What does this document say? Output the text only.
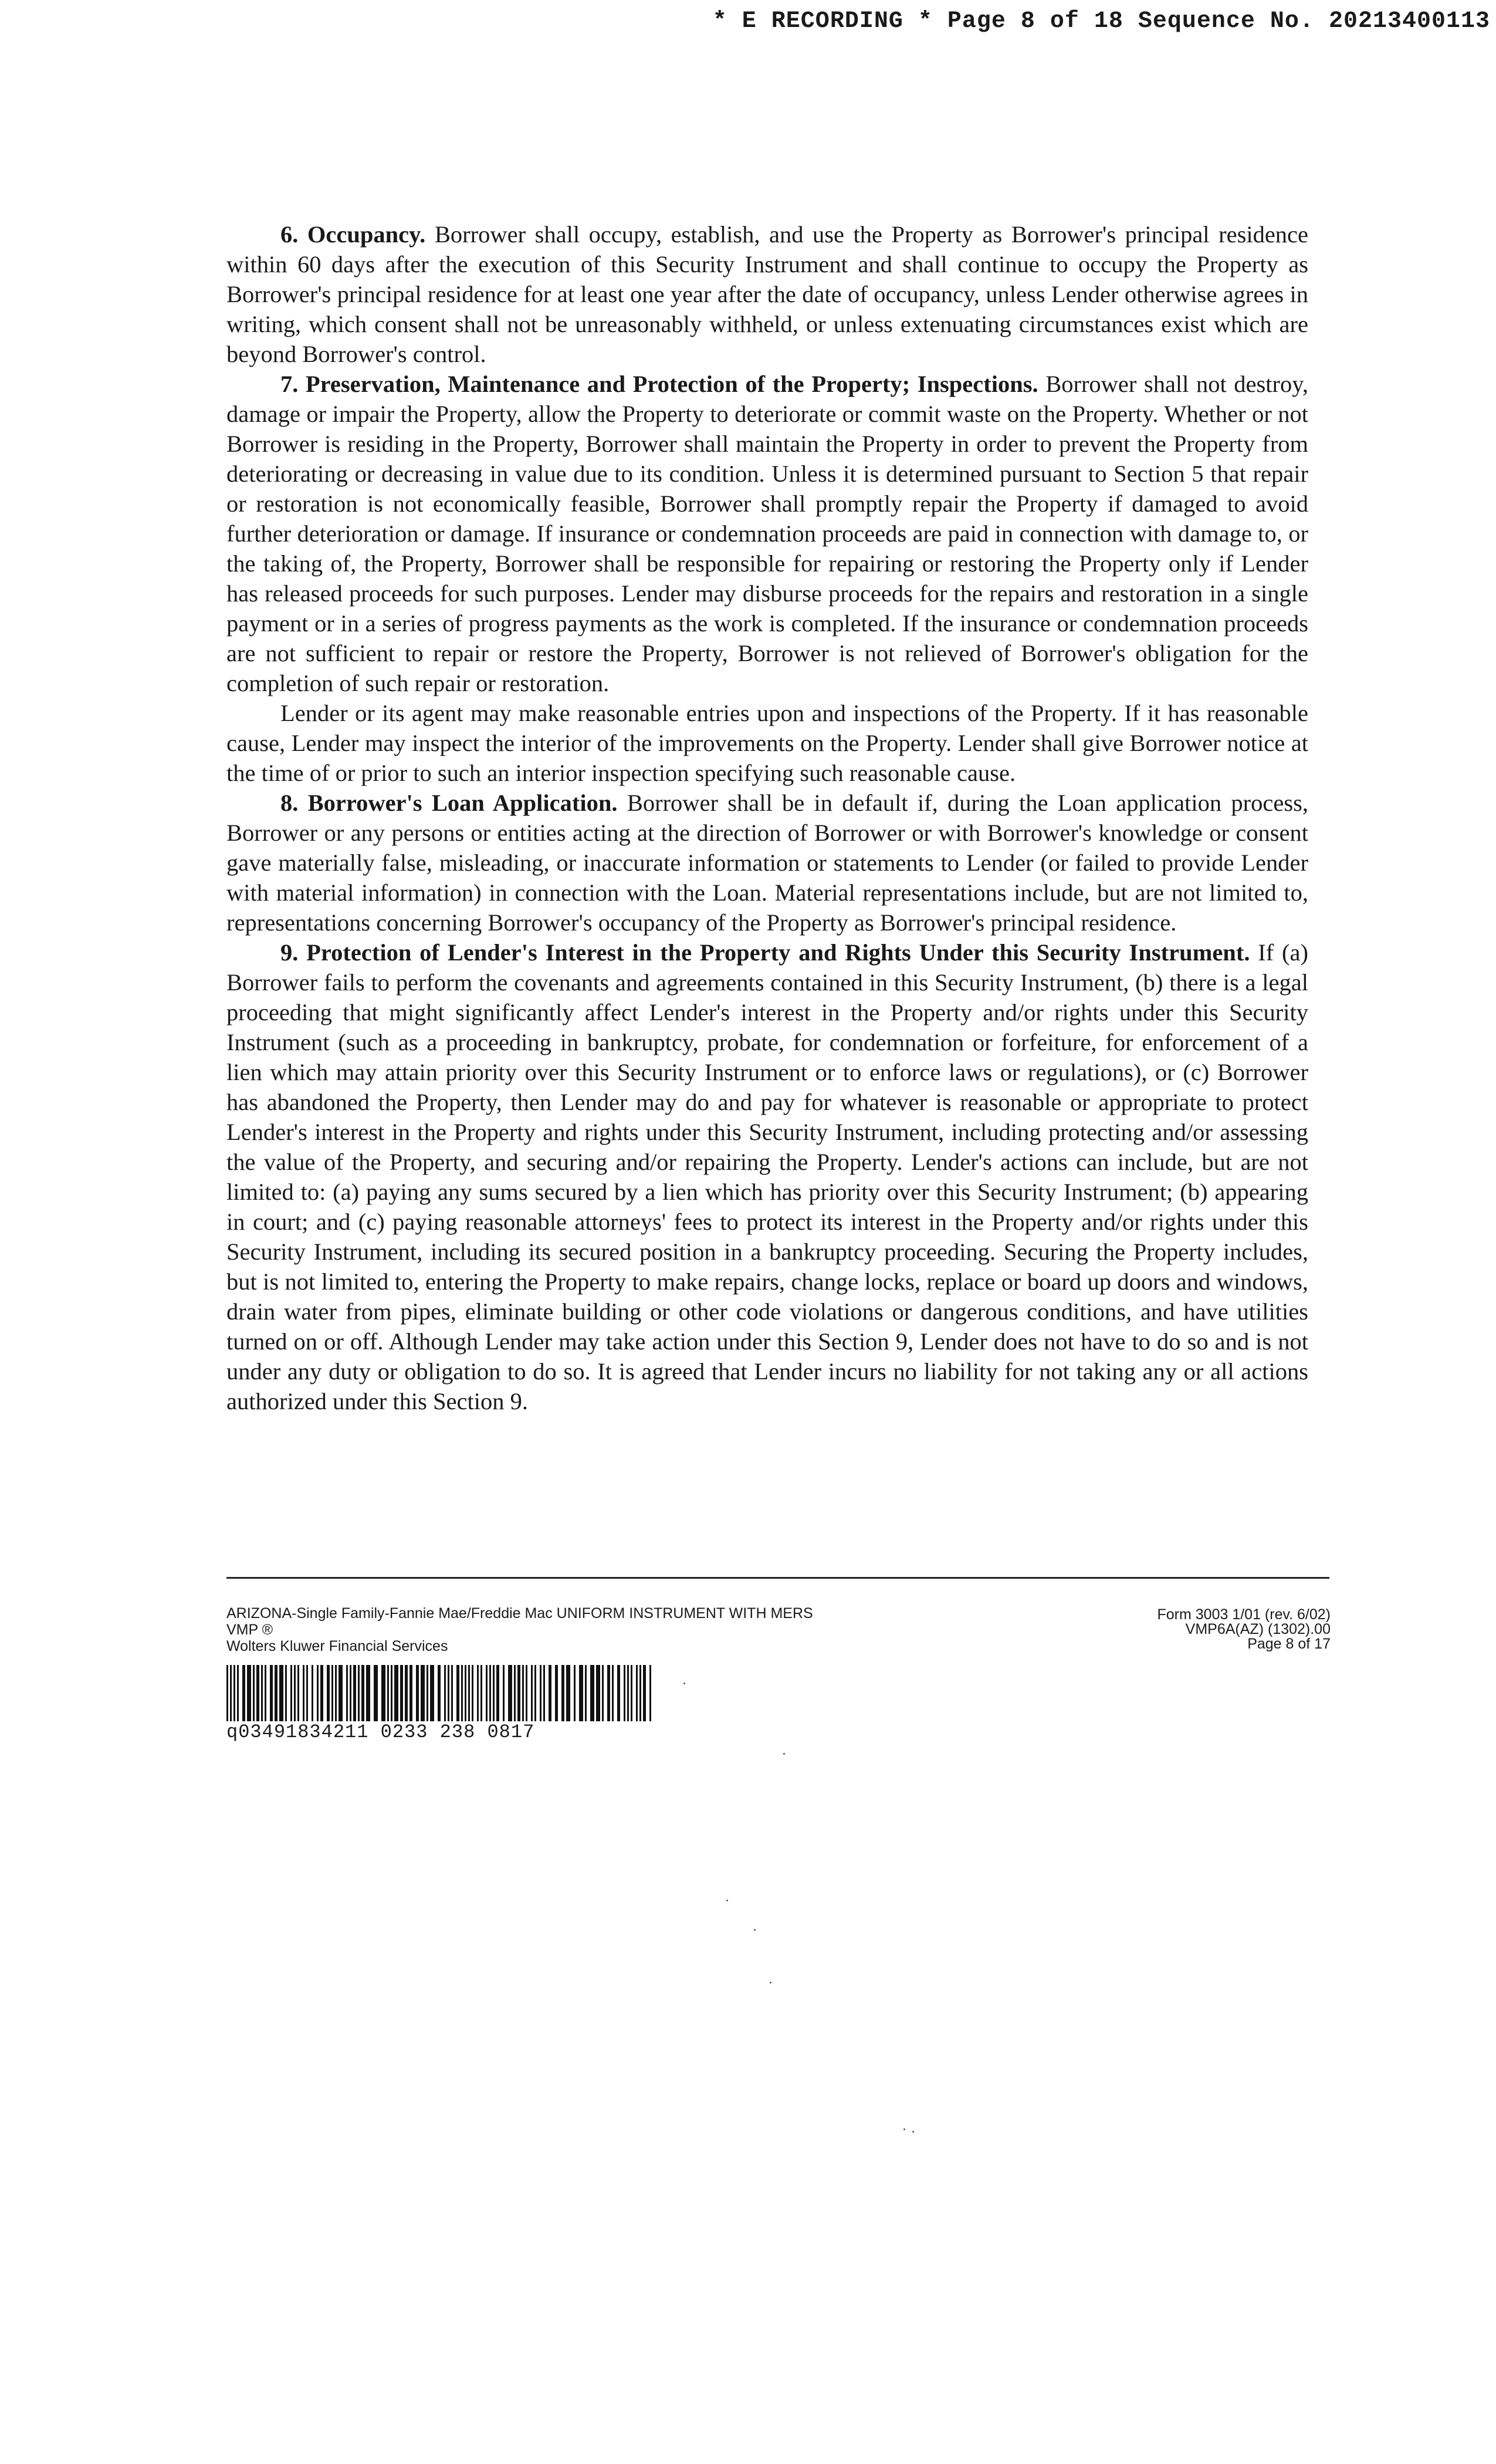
* E RECORDING * Page 8 of 18 Sequence No. 20213400113

6. Occupancy. Borrower shall occupy, establish, and use the Property as Borrower's principal residence within 60 days after the execution of this Security Instrument and shall continue to occupy the Property as Borrower's principal residence for at least one year after the date of occupancy, unless Lender otherwise agrees in writing, which consent shall not be unreasonably withheld, or unless extenuating circumstances exist which are beyond Borrower's control.

7. Preservation, Maintenance and Protection of the Property; Inspections. Borrower shall not destroy, damage or impair the Property, allow the Property to deteriorate or commit waste on the Property. Whether or not Borrower is residing in the Property, Borrower shall maintain the Property in order to prevent the Property from deteriorating or decreasing in value due to its condition. Unless it is determined pursuant to Section 5 that repair or restoration is not economically feasible, Borrower shall promptly repair the Property if damaged to avoid further deterioration or damage. If insurance or condemnation proceeds are paid in connection with damage to, or the taking of, the Property, Borrower shall be responsible for repairing or restoring the Property only if Lender has released proceeds for such purposes. Lender may disburse proceeds for the repairs and restoration in a single payment or in a series of progress payments as the work is completed. If the insurance or condemnation proceeds are not sufficient to repair or restore the Property, Borrower is not relieved of Borrower's obligation for the completion of such repair or restoration.

Lender or its agent may make reasonable entries upon and inspections of the Property. If it has reasonable cause, Lender may inspect the interior of the improvements on the Property. Lender shall give Borrower notice at the time of or prior to such an interior inspection specifying such reasonable cause.

8. Borrower's Loan Application. Borrower shall be in default if, during the Loan application process, Borrower or any persons or entities acting at the direction of Borrower or with Borrower's knowledge or consent gave materially false, misleading, or inaccurate information or statements to Lender (or failed to provide Lender with material information) in connection with the Loan. Material representations include, but are not limited to, representations concerning Borrower's occupancy of the Property as Borrower's principal residence.

9. Protection of Lender's Interest in the Property and Rights Under this Security Instrument. If (a) Borrower fails to perform the covenants and agreements contained in this Security Instrument, (b) there is a legal proceeding that might significantly affect Lender's interest in the Property and/or rights under this Security Instrument (such as a proceeding in bankruptcy, probate, for condemnation or forfeiture, for enforcement of a lien which may attain priority over this Security Instrument or to enforce laws or regulations), or (c) Borrower has abandoned the Property, then Lender may do and pay for whatever is reasonable or appropriate to protect Lender's interest in the Property and rights under this Security Instrument, including protecting and/or assessing the value of the Property, and securing and/or repairing the Property. Lender's actions can include, but are not limited to: (a) paying any sums secured by a lien which has priority over this Security Instrument; (b) appearing in court; and (c) paying reasonable attorneys' fees to protect its interest in the Property and/or rights under this Security Instrument, including its secured position in a bankruptcy proceeding. Securing the Property includes, but is not limited to, entering the Property to make repairs, change locks, replace or board up doors and windows, drain water from pipes, eliminate building or other code violations or dangerous conditions, and have utilities turned on or off. Although Lender may take action under this Section 9, Lender does not have to do so and is not under any duty or obligation to do so. It is agreed that Lender incurs no liability for not taking any or all actions authorized under this Section 9.

ARIZONA-Single Family-Fannie Mae/Freddie Mac UNIFORM INSTRUMENT WITH MERS
VMP ®
Wolters Kluwer Financial Services
Form 3003 1/01 (rev. 6/02)
VMP6A(AZ) (1302).00
Page 8 of 17
q03491834211 0233 238 0817
